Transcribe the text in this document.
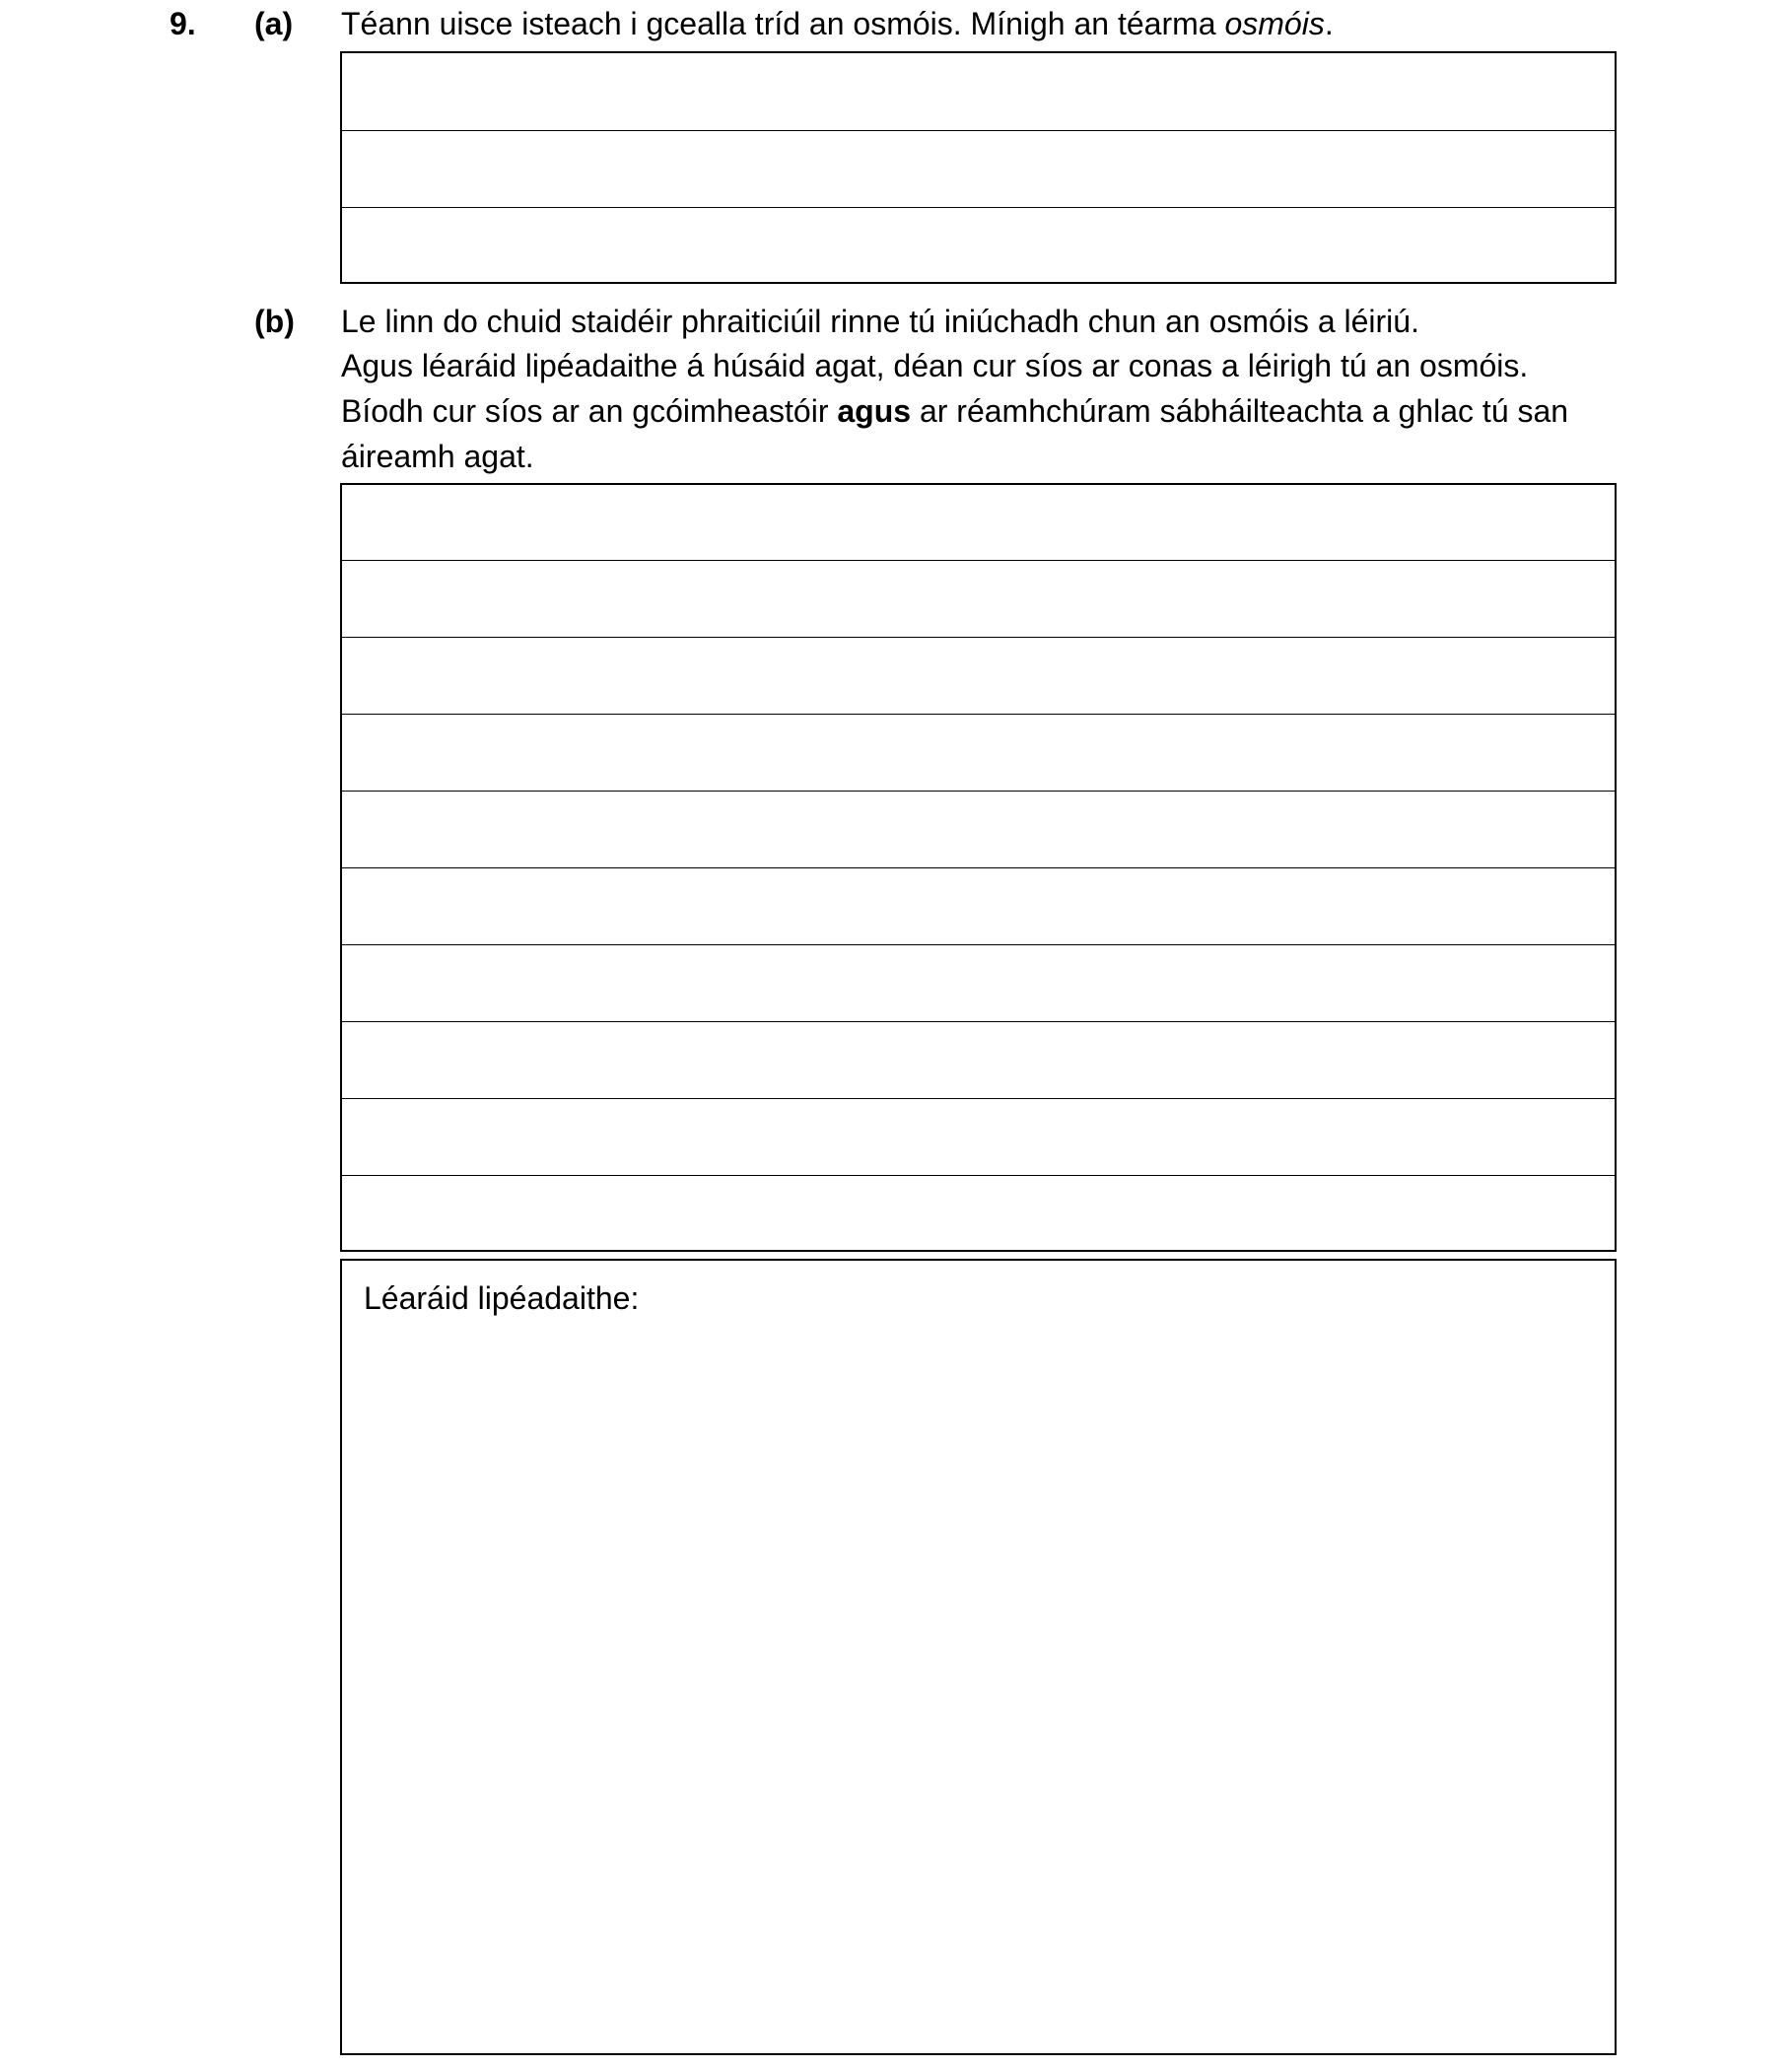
9. (a) Téann uisce isteach i gcealla tríd an osmóis. Mínigh an téarma osmóis.
(b) Le linn do chuid staidéir phraiticiúil rinne tú iniúchadh chun an osmóis a léiriú.
Agus léaráid lipéadaithe á húsáid agat, déan cur síos ar conas a léirigh tú an osmóis.
Bíodh cur síos ar an gcóimheastóir agus ar réamhchúram sábháilteachta a ghlac tú san
áireamh agat.
Léaráid lipéadaithe:
